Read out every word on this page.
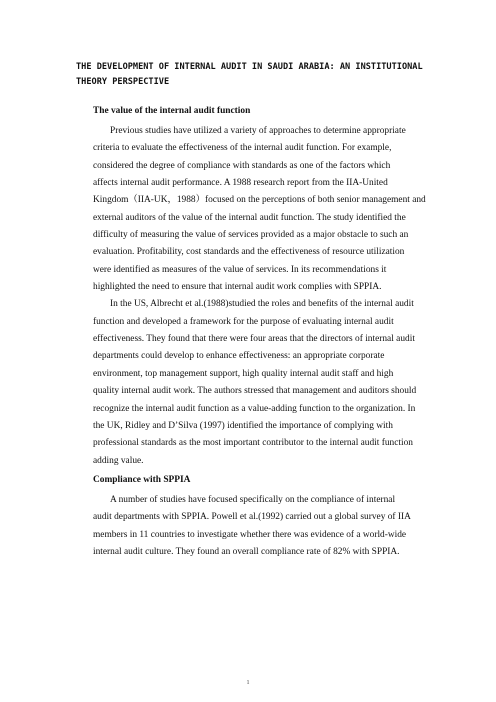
THE DEVELOPMENT OF INTERNAL AUDIT IN SAUDI ARABIA: AN INSTITUTIONAL
THEORY PERSPECTIVE
The value of the internal audit function
Previous studies have utilized a variety of approaches to determine appropriate
criteria to evaluate the effectiveness of the internal audit function. For example,
considered the degree of compliance with standards as one of the factors which
affects internal audit performance. A 1988 research report from the IIA-United
Kingdom（IIA-UK，1988）focused on the perceptions of both senior management and
external auditors of the value of the internal audit function. The study identified the
difficulty of measuring the value of services provided as a major obstacle to such an
evaluation. Profitability, cost standards and the effectiveness of resource utilization
were identified as measures of the value of services. In its recommendations it
highlighted the need to ensure that internal audit work complies with SPPIA.
In the US, Albrecht et al.(1988)studied the roles and benefits of the internal audit
function and developed a framework for the purpose of evaluating internal audit
effectiveness. They found that there were four areas that the directors of internal audit
departments could develop to enhance effectiveness: an appropriate corporate
environment, top management support, high quality internal audit staff and high
quality internal audit work. The authors stressed that management and auditors should
recognize the internal audit function as a value-adding function to the organization. In
the UK, Ridley and D’Silva (1997) identified the importance of complying with
professional standards as the most important contributor to the internal audit function
adding value.
Compliance with SPPIA
A number of studies have focused specifically on the compliance of internal
audit departments with SPPIA. Powell et al.(1992) carried out a global survey of IIA
members in 11 countries to investigate whether there was evidence of a world-wide
internal audit culture. They found an overall compliance rate of 82% with SPPIA.
1
